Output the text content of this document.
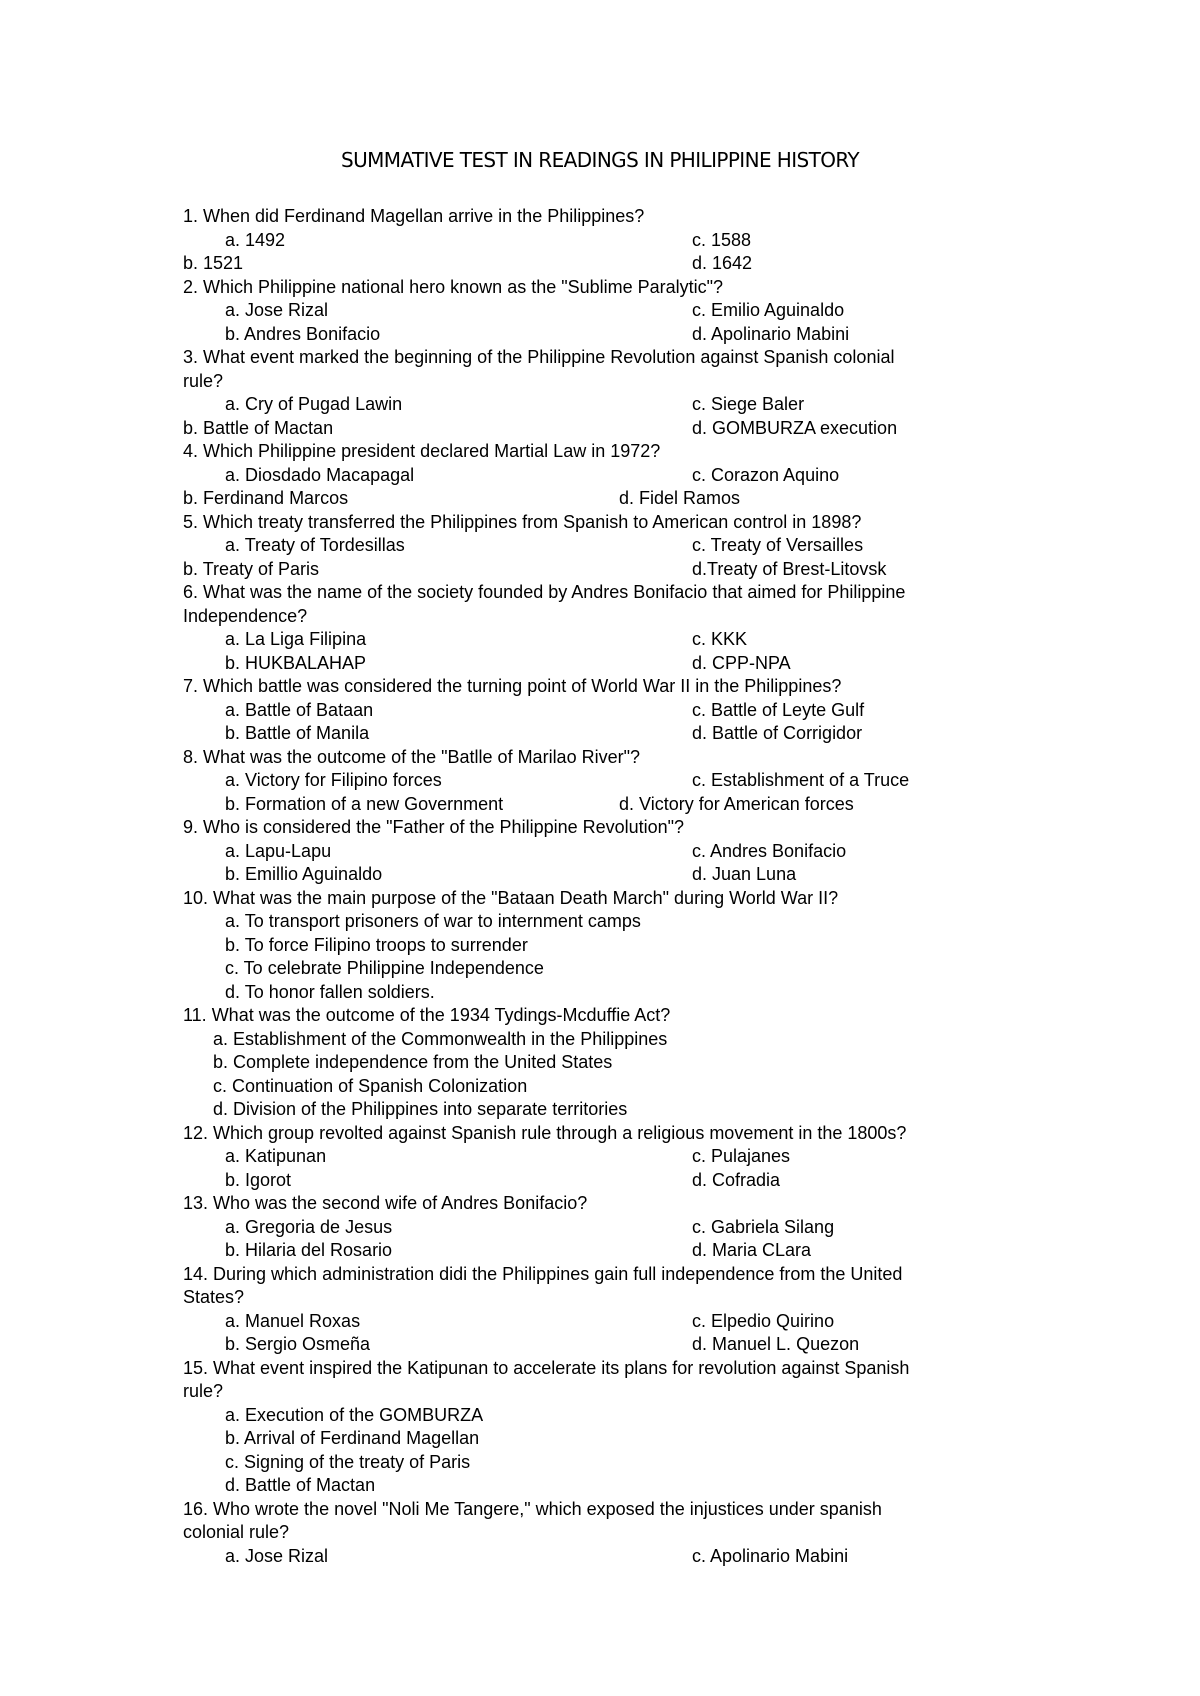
SUMMATIVE TEST IN READINGS IN PHILIPPINE HISTORY
1. When did Ferdinand Magellan arrive in the Philippines?
a. 1492	c. 1588
b. 1521	d. 1642
2. Which Philippine national hero known as the "Sublime Paralytic"?
a. Jose Rizal	c. Emilio Aguinaldo
b. Andres Bonifacio	d. Apolinario Mabini
3. What event marked the beginning of the Philippine Revolution against Spanish colonial
rule?
a. Cry of Pugad Lawin	c. Siege Baler
b. Battle of Mactan	d. GOMBURZA execution
4. Which Philippine president declared Martial Law in 1972?
a. Diosdado Macapagal	c. Corazon Aquino
b. Ferdinand Marcos	d. Fidel Ramos
5. Which treaty transferred the Philippines from Spanish to American control in 1898?
a. Treaty of Tordesillas	c. Treaty of Versailles
b. Treaty of Paris	d.Treaty of Brest-Litovsk
6. What was the name of the society founded by Andres Bonifacio that aimed for Philippine
Independence?
a. La Liga Filipina	c. KKK
b. HUKBALAHAP	d. CPP-NPA
7. Which battle was considered the turning point of World War II in the Philippines?
a. Battle of Bataan	c. Battle of Leyte Gulf
b. Battle of Manila	d. Battle of Corrigidor
8. What was the outcome of the "Batlle of Marilao River"?
a. Victory for Filipino forces	c. Establishment of a Truce
b. Formation of a new Government	d. Victory for American forces
9. Who is considered the "Father of the Philippine Revolution"?
a. Lapu-Lapu	c. Andres Bonifacio
b. Emillio Aguinaldo	d. Juan Luna
10. What was the main purpose of the "Bataan Death March" during World War II?
a. To transport prisoners of war to internment camps
b. To force Filipino troops to surrender
c. To celebrate Philippine Independence
d. To honor fallen soldiers.
11. What was the outcome of the 1934 Tydings-Mcduffie Act?
a. Establishment of the Commonwealth in the Philippines
b. Complete independence from the United States
c. Continuation of Spanish Colonization
d. Division of the Philippines into separate territories
12. Which group revolted against Spanish rule through a religious movement in the 1800s?
a. Katipunan	c. Pulajanes
b. Igorot	d. Cofradia
13. Who was the second wife of Andres Bonifacio?
a. Gregoria de Jesus	c. Gabriela Silang
b. Hilaria del Rosario	d. Maria CLara
14. During which administration didi the Philippines gain full independence from the United
States?
a. Manuel Roxas	c. Elpedio Quirino
b. Sergio Osmeña	d. Manuel L. Quezon
15. What event inspired the Katipunan to accelerate its plans for revolution against Spanish
rule?
a. Execution of the GOMBURZA
b. Arrival of Ferdinand Magellan
c. Signing of the treaty of Paris
d. Battle of Mactan
16. Who wrote the novel "Noli Me Tangere," which exposed the injustices under spanish
colonial rule?
a. Jose Rizal	c. Apolinario Mabini
